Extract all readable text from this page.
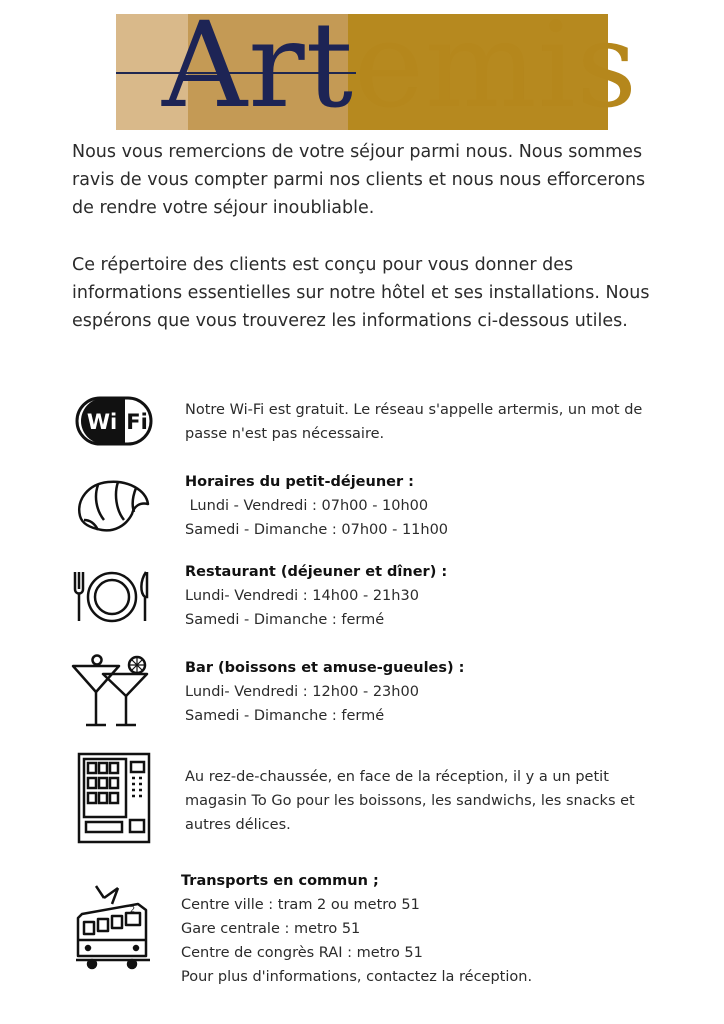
Artemis
Nous vous remercions de votre séjour parmi nous. Nous sommes ravis de vous compter parmi nos clients et nous nous efforcerons de rendre votre séjour inoubliable.
Ce répertoire des clients est conçu pour vous donner des informations essentielles sur notre hôtel et ses installations. Nous espérons que vous trouverez les informations ci-dessous utiles.
Wi Fi	Notre Wi-Fi est gratuit. Le réseau s'appelle artermis, un mot de passe n'est pas nécessaire.
Horaires du petit-déjeuner :
Lundi - Vendredi : 07h00 - 10h00
Samedi - Dimanche : 07h00 - 11h00
Restaurant (déjeuner et dîner) :
Lundi- Vendredi : 14h00 - 21h30
Samedi - Dimanche : fermé
Bar (boissons et amuse-gueules) :
Lundi- Vendredi : 12h00 - 23h00
Samedi - Dimanche : fermé
Au rez-de-chaussée, en face de la réception, il y a un petit magasin To Go pour les boissons, les sandwichs, les snacks et autres délices.
2
Transports en commun ;
Centre ville : tram 2 ou metro 51
Gare centrale : metro 51
Centre de congrès RAI : metro 51
Pour plus d'informations, contactez la réception.
